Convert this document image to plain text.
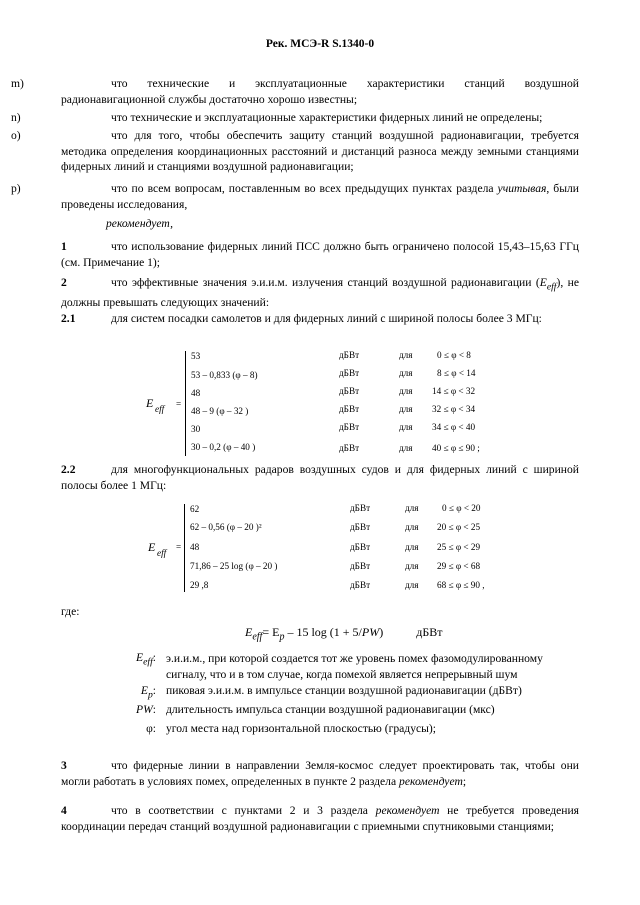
Рек. МСЭ-R S.1340-0
m)	что технические и эксплуатационные характеристики станций воздушной радионавигационной службы достаточно хорошо известны;
n)	что технические и эксплуатационные характеристики фидерных линий не определены;
o)	что для того, чтобы обеспечить защиту станций воздушной радионавигации, требуется методика определения координационных расстояний и дистанций разноса между земными станциями фидерных линий и станциями воздушной радионавигации;
p)	что по всем вопросам, поставленным во всех предыдущих пунктах раздела учитывая, были проведены исследования,
рекомендует,
1	что использование фидерных линий ПСС должно быть ограничено полосой 15,43–15,63 ГГц (см. Примечание 1);
2	что эффективные значения э.и.и.м. излучения станций воздушной радионавигации $(E_{eff})$, не должны превышать следующих значений:
2.1	для систем посадки самолетов и для фидерных линий с шириной полосы более 3 МГц:
E eff =
53	дБВт	для	0 ≤ φ < 8
53 – 0,833 (φ – 8)	дБВт	для	8 ≤ φ < 14
48	дБВт	для 14 ≤ φ < 32
48 – 9 (φ – 32 )	дБВт	для 32 ≤ φ < 34
30	дБВт	для 34 ≤ φ < 40
30 – 0,2 (φ – 40 )	дБВт	для 40 ≤ φ ≤ 90 ;
2.2	для многофункциональных радаров воздушных судов и для фидерных линий с шириной полосы более 1 МГц:
E eff
=
62	дБВт	для	0 ≤ φ < 20
62 – 0,56 (φ – 20 )²	дБВт	для 20 ≤ φ < 25
48	дБВт	для 25 ≤ φ < 29
71,86 – 25 log (φ – 20 )	дБВт	для 29 ≤ φ < 68
29 ,8	дБВт	для 68 ≤ φ ≤ 90 ,
где:
$E_{eff}= E_p - 15$ log (1 + 5/PW)	дБВт
$E_{eff}$: э.и.и.м., при которой создается тот же уровень помех фазомодулированному сигналу, что и в том случае, когда помехой является непрерывный шум
$E_p$: пиковая э.и.и.м. в импульсе станции воздушной радионавигации (дБВт)
PW: длительность импульса станции воздушной радионавигации (мкс)
φ: угол места над горизонтальной плоскостью (градусы);
3	что фидерные линии в направлении Земля-космос следует проектировать так, чтобы они могли работать в условиях помех, определенных в пункте 2 раздела рекомендует;
4	что в соответствии с пунктами 2 и 3 раздела рекомендует не требуется проведения координации передач станций воздушной радионавигации с приемными спутниковыми станциями;
